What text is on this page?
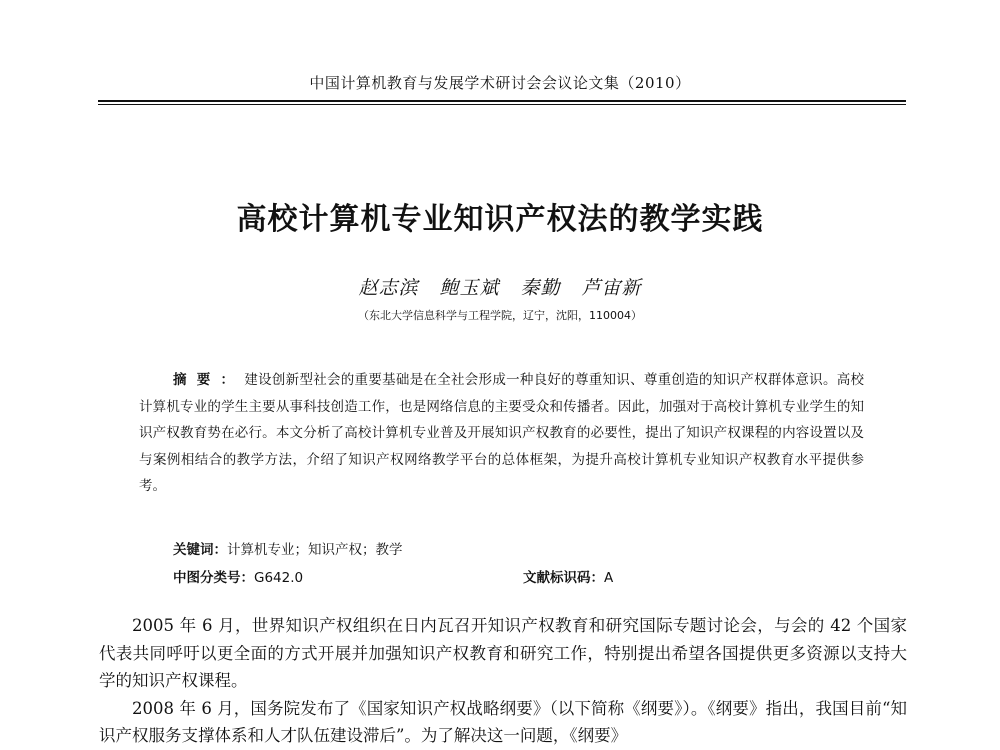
中国计算机教育与发展学术研讨会会议论文集（2010）
高校计算机专业知识产权法的教学实践
赵志滨 鲍玉斌 秦勤 芦宙新
（东北大学信息科学与工程学院，辽宁，沈阳，110004）
摘要：建设创新型社会的重要基础是在全社会形成一种良好的尊重知识、尊重创造的知识产权群体意识。高校计算机专业的学生主要从事科技创造工作，也是网络信息的主要受众和传播者。因此，加强对于高校计算机专业学生的知识产权教育势在必行。本文分析了高校计算机专业普及开展知识产权教育的必要性，提出了知识产权课程的内容设置以及与案例相结合的教学方法，介绍了知识产权网络教学平台的总体框架，为提升高校计算机专业知识产权教育水平提供参考。
关键词：计算机专业；知识产权；教学
中图分类号：G642.0	文献标识码：A

2005 年 6 月，世界知识产权组织在日内瓦召开知识产权教育和研究国际专题讨论会，与会的 42 个国家代表共同呼吁以更全面的方式开展并加强知识产权教育和研究工作，特别提出希望各国提供更多资源以支持大学的知识产权课程。

2008 年 6 月，国务院发布了《国家知识产权战略纲要》（以下简称《纲要》）。《纲要》指出，我国目前“知识产权服务支撑体系和人才队伍建设滞后”。为了解决这一问题，《纲要》
